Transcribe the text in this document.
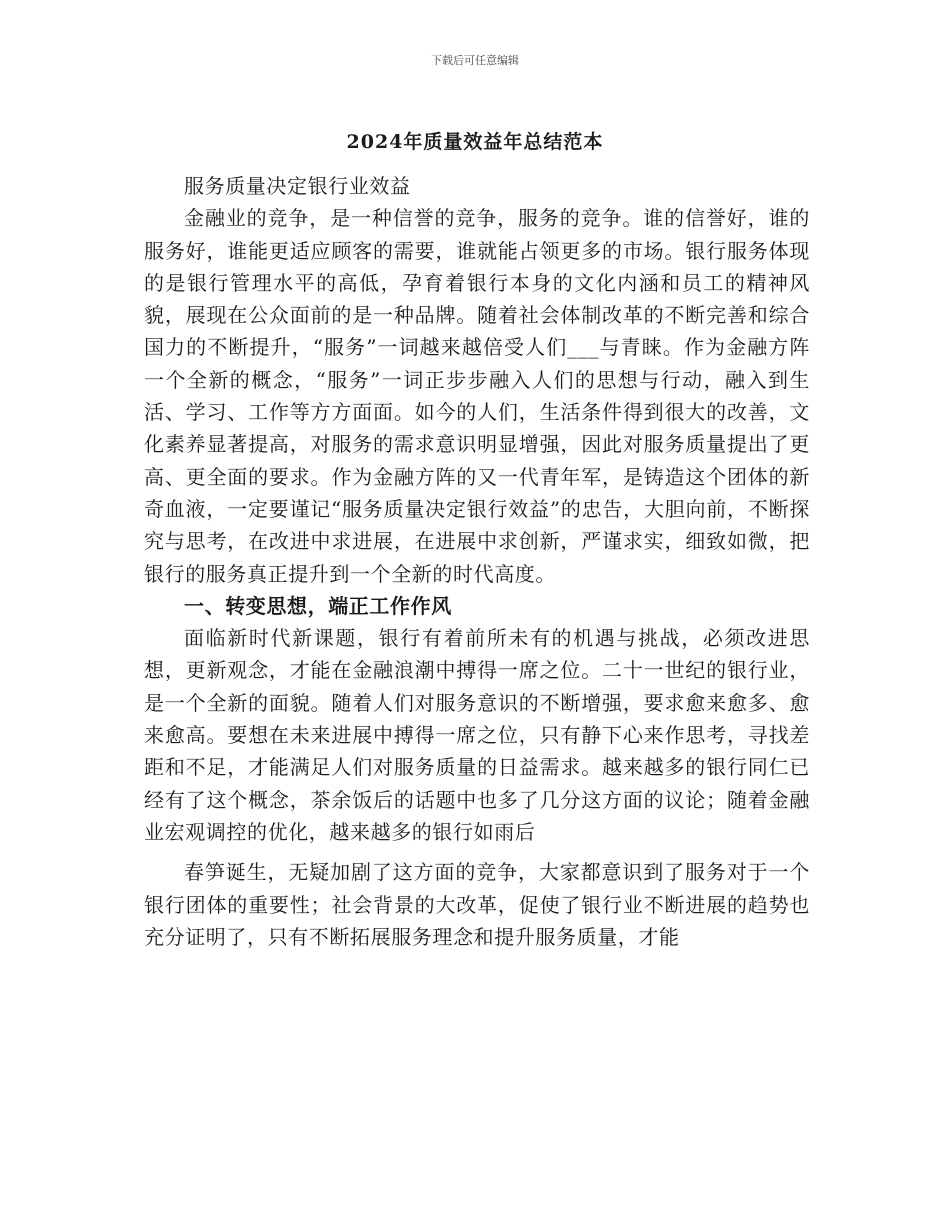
下载后可任意编辑
2024年质量效益年总结范本

服务质量决定银行业效益

金融业的竞争，是一种信誉的竞争，服务的竞争。谁的信誉好，谁的服务好，谁能更适应顾客的需要，谁就能占领更多的市场。银行服务体现的是银行管理水平的高低，孕育着银行本身的文化内涵和员工的精神风貌，展现在公众面前的是一种品牌。随着社会体制改革的不断完善和综合国力的不断提升，“服务”一词越来越倍受人们___与青睐。作为金融方阵一个全新的概念，“服务”一词正步步融入人们的思想与行动，融入到生活、学习、工作等方方面面。如今的人们，生活条件得到很大的改善，文化素养显著提高，对服务的需求意识明显增强，因此对服务质量提出了更高、更全面的要求。作为金融方阵的又一代青年军，是铸造这个团体的新奇血液，一定要谨记“服务质量决定银行效益”的忠告，大胆向前，不断探究与思考，在改进中求进展，在进展中求创新，严谨求实，细致如微，把银行的服务真正提升到一个全新的时代高度。

一、转变思想，端正工作作风

面临新时代新课题，银行有着前所未有的机遇与挑战，必须改进思想，更新观念，才能在金融浪潮中搏得一席之位。二十一世纪的银行业，是一个全新的面貌。随着人们对服务意识的不断增强，要求愈来愈多、愈来愈高。要想在未来进展中搏得一席之位，只有静下心来作思考，寻找差距和不足，才能满足人们对服务质量的日益需求。越来越多的银行同仁已经有了这个概念，茶余饭后的话题中也多了几分这方面的议论；随着金融业宏观调控的优化，越来越多的银行如雨后

春笋诞生，无疑加剧了这方面的竞争，大家都意识到了服务对于一个银行团体的重要性；社会背景的大改革，促使了银行业不断进展的趋势也充分证明了，只有不断拓展服务理念和提升服务质量，才能
